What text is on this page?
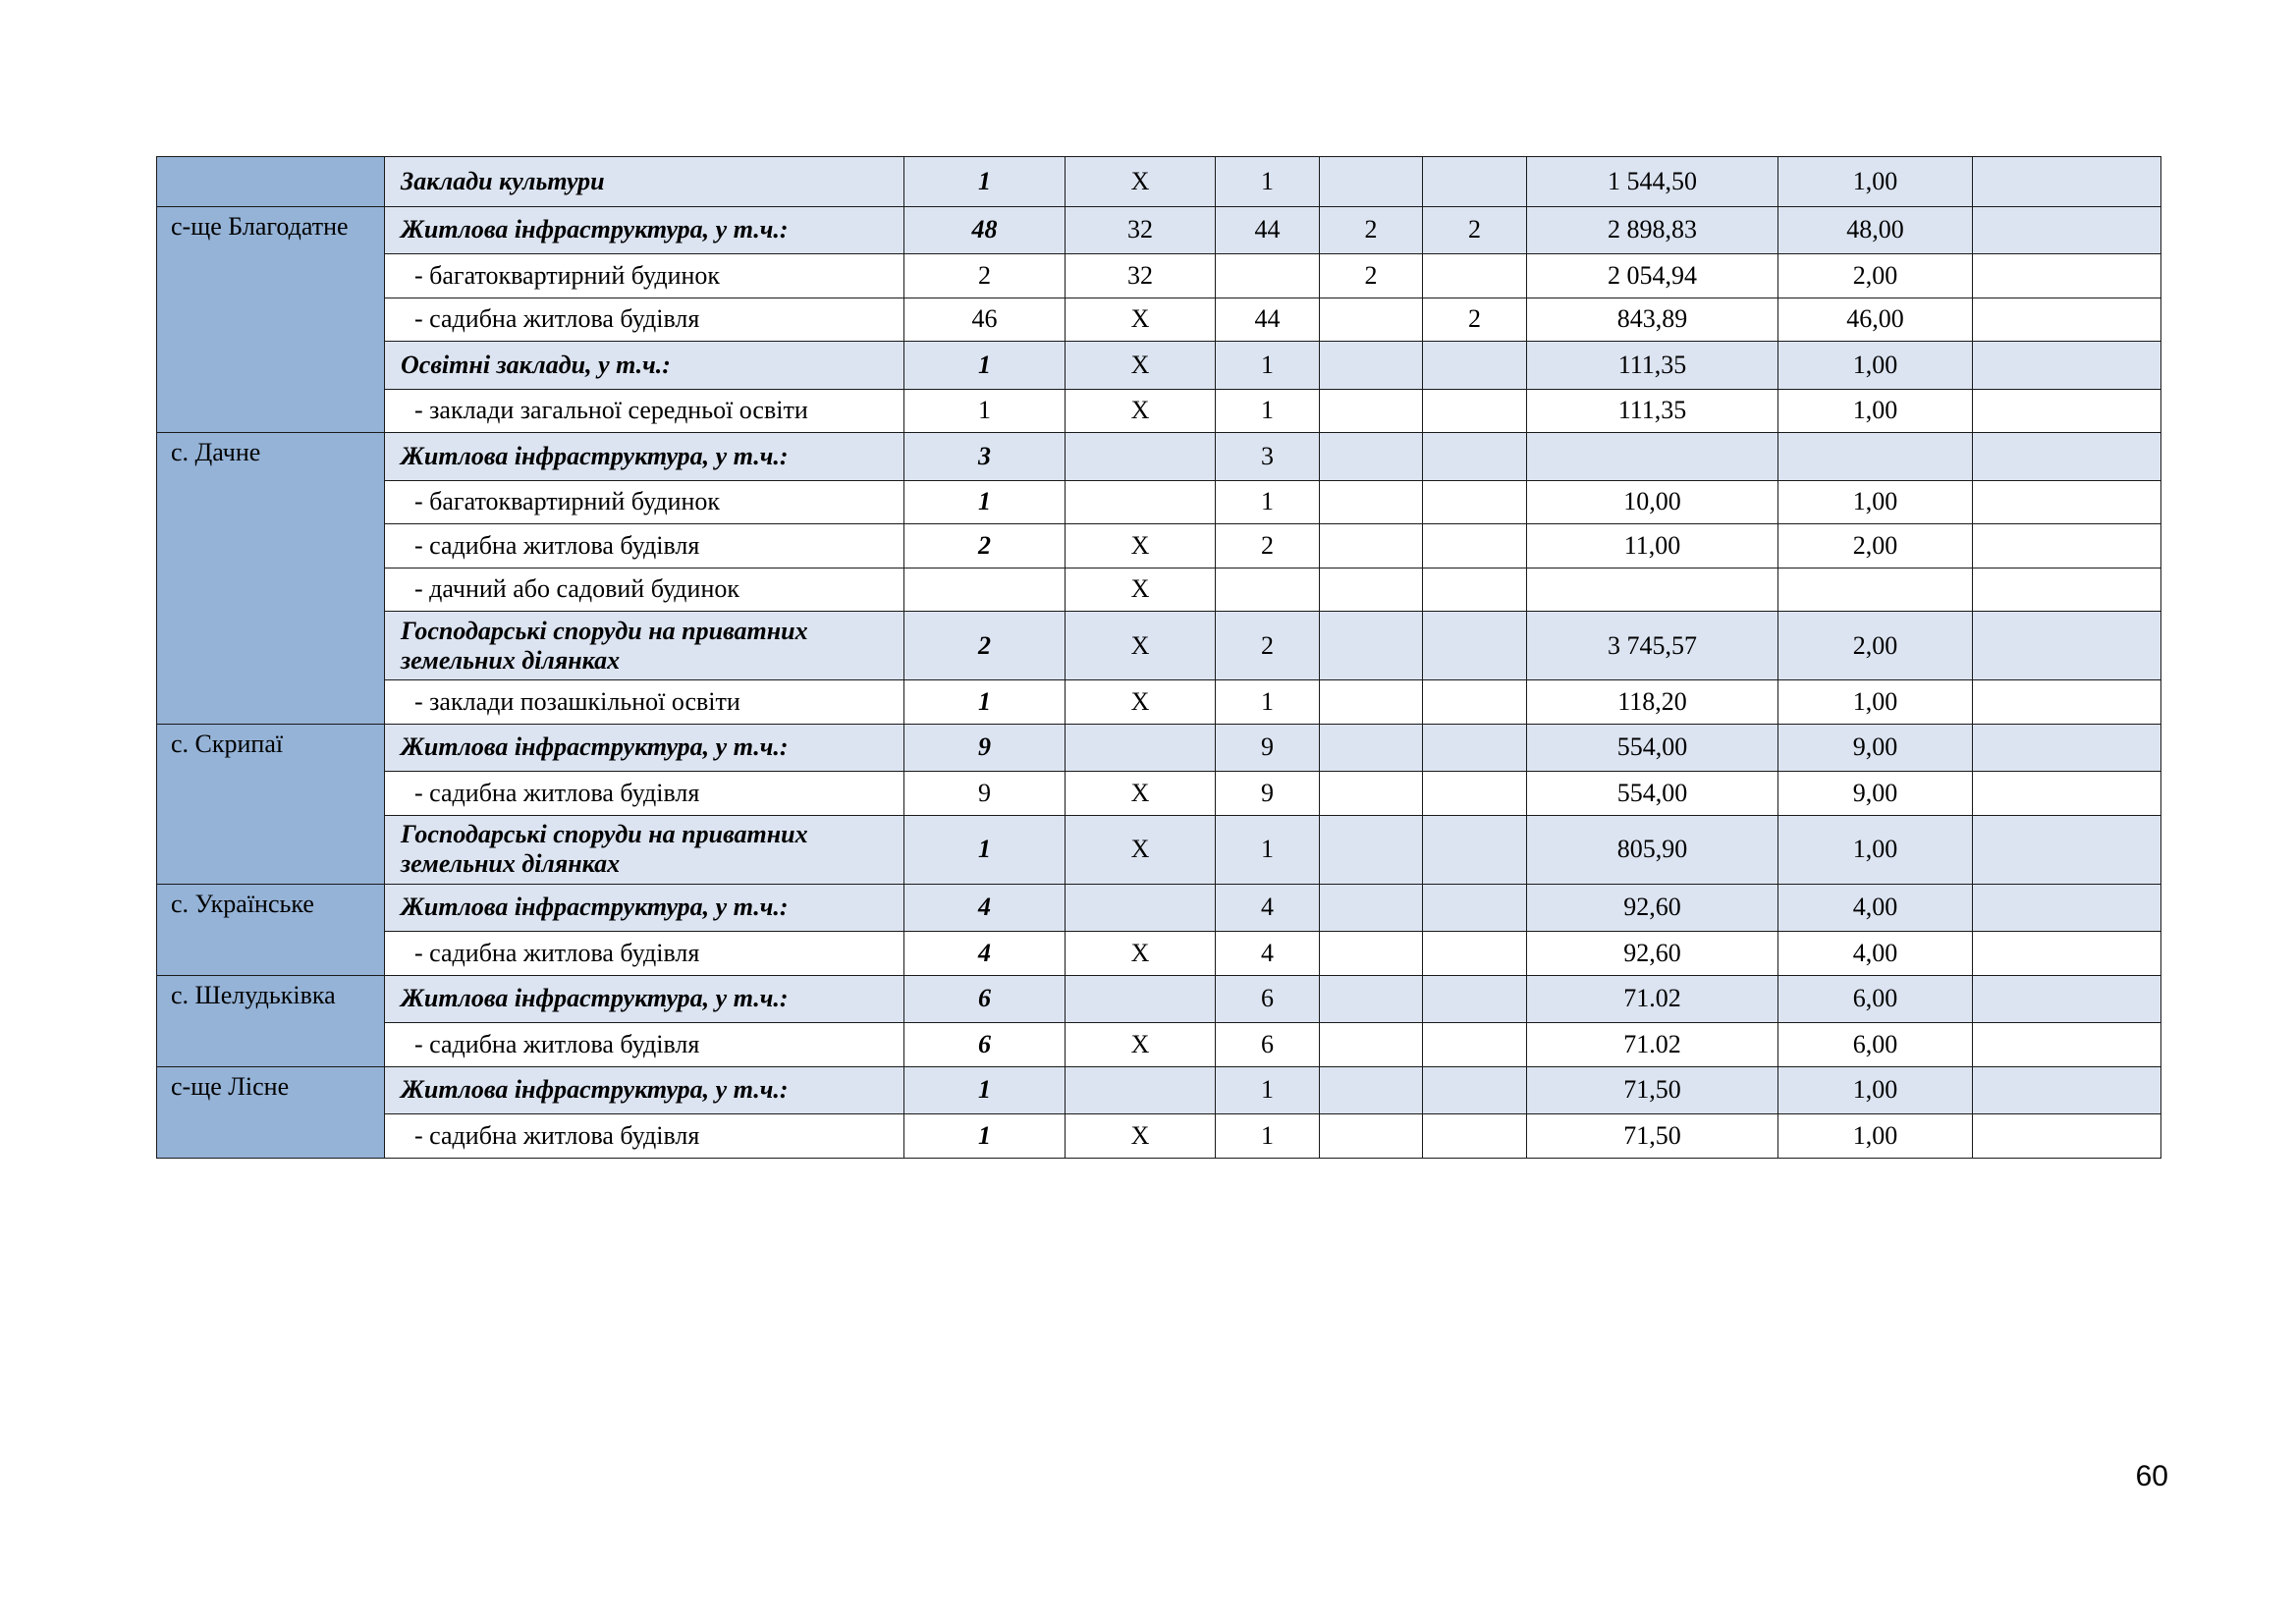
	Заклади культури	1	X	1			1 544,50	1,00	
с-ще Благодатне	Житлова інфраструктура, у т.ч.:	48	32	44	2	2	2 898,83	48,00	
	- багатоквартирний будинок	2	32		2		2 054,94	2,00	
	- садибна житлова будівля	46	X	44		2	843,89	46,00	
	Освітні заклади, у т.ч.:	1	X	1			111,35	1,00	
	- заклади загальної середньої освіти	1	X	1			111,35	1,00	
с. Дачне	Житлова інфраструктура, у т.ч.:	3		3					
	- багатоквартирний будинок	1		1			10,00	1,00	
	- садибна житлова будівля	2	X	2			11,00	2,00	
	- дачний або садовий будинок		X						
	Господарські споруди на приватних земельних ділянках	2	X	2			3 745,57	2,00	
	- заклади позашкільної освіти	1	X	1			118,20	1,00	
с. Скрипаї	Житлова інфраструктура, у т.ч.:	9		9			554,00	9,00	
	- садибна житлова будівля	9	X	9			554,00	9,00	
	Господарські споруди на приватних земельних ділянках	1	X	1			805,90	1,00	
с. Українське	Житлова інфраструктура, у т.ч.:	4		4			92,60	4,00	
	- садибна житлова будівля	4	X	4			92,60	4,00	
с. Шелудьківка	Житлова інфраструктура, у т.ч.:	6		6			71.02	6,00	
	- садибна житлова будівля	6	X	6			71.02	6,00	
с-ще Лісне	Житлова інфраструктура, у т.ч.:	1		1			71,50	1,00	
	- садибна житлова будівля	1	X	1			71,50	1,00	
60
